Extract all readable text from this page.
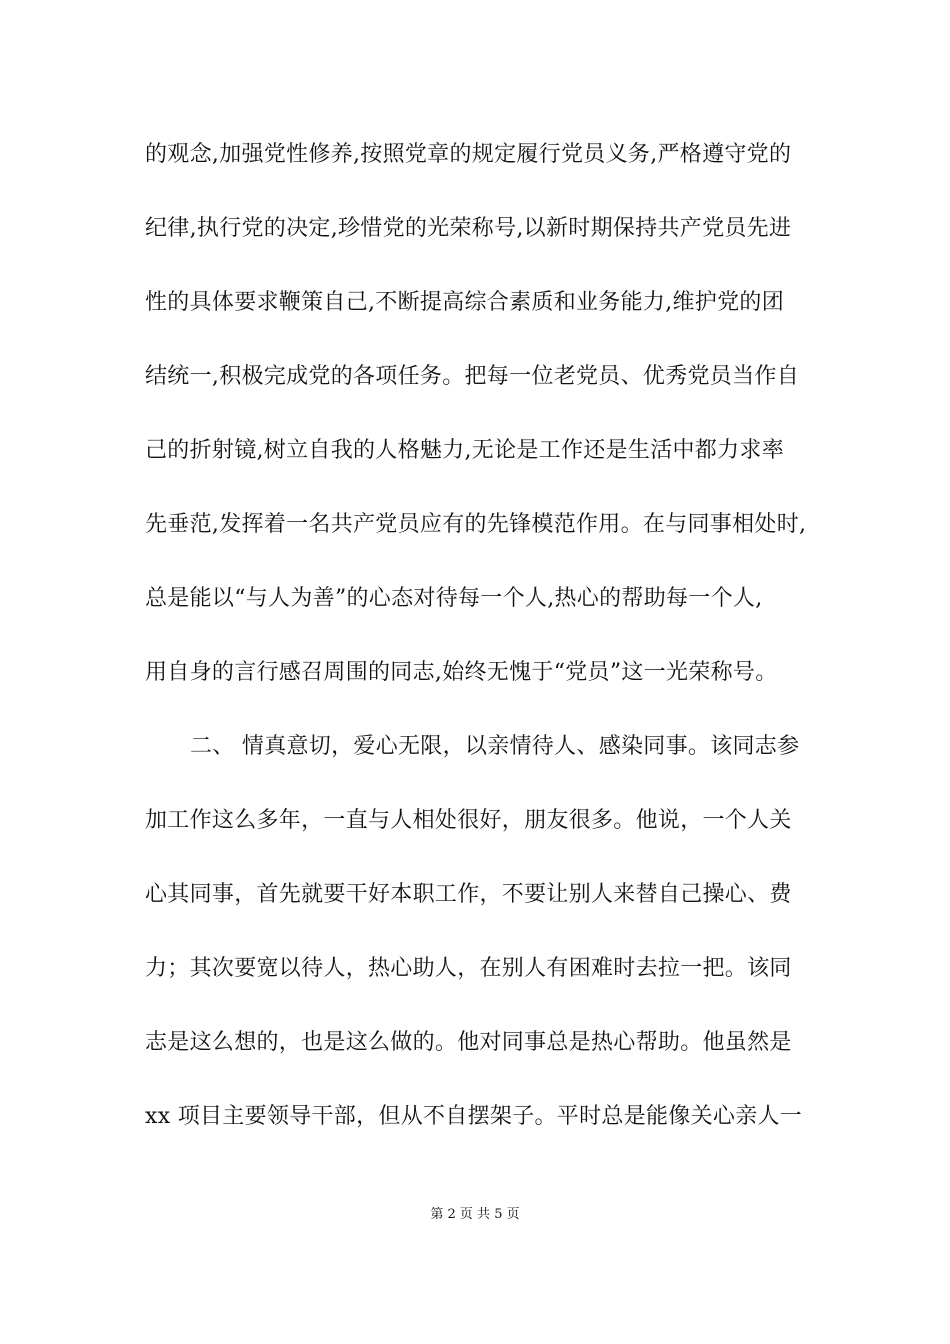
的观念,加强党性修养,按照党章的规定履行党员义务,严格遵守党的
纪律,执行党的决定,珍惜党的光荣称号,以新时期保持共产党员先进
性的具体要求鞭策自己,不断提高综合素质和业务能力,维护党的团
结统一,积极完成党的各项任务。把每一位老党员、优秀党员当作自
己的折射镜,树立自我的人格魅力,无论是工作还是生活中都力求率
先垂范,发挥着一名共产党员应有的先锋模范作用。在与同事相处时,
总是能以“与人为善”的心态对待每一个人,热心的帮助每一个人,
用自身的言行感召周围的同志,始终无愧于“党员”这一光荣称号。
二、 情真意切，爱心无限，以亲情待人、感染同事。该同志参
加工作这么多年，一直与人相处很好，朋友很多。他说，一个人关
心其同事，首先就要干好本职工作，不要让别人来替自己操心、费
力；其次要宽以待人，热心助人，在别人有困难时去拉一把。该同
志是这么想的，也是这么做的。他对同事总是热心帮助。他虽然是
xx 项目主要领导干部，但从不自摆架子。平时总是能像关心亲人一
第 2 页 共 5 页
